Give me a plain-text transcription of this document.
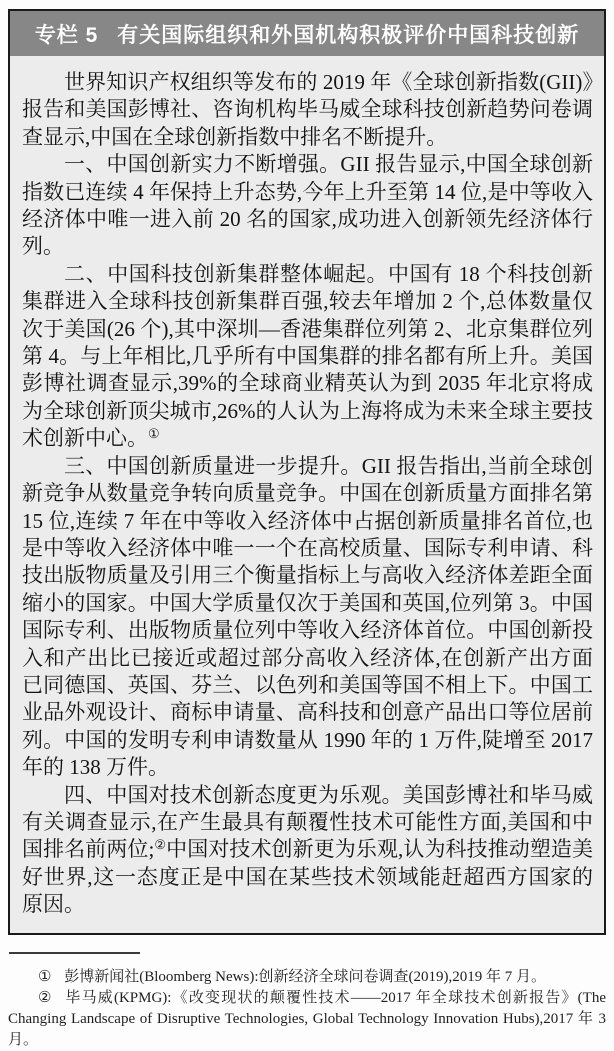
专栏 5 有关国际组织和外国机构积极评价中国科技创新

世界知识产权组织等发布的 2019 年《全球创新指数(GII)》报告和美国彭博社、咨询机构毕马威全球科技创新趋势问卷调查显示,中国在全球创新指数中排名不断提升。

一、中国创新实力不断增强。GII 报告显示,中国全球创新指数已连续 4 年保持上升态势,今年上升至第 14 位,是中等收入经济体中唯一进入前 20 名的国家,成功进入创新领先经济体行列。

二、中国科技创新集群整体崛起。中国有 18 个科技创新集群进入全球科技创新集群百强,较去年增加 2 个,总体数量仅次于美国(26 个),其中深圳—香港集群位列第 2、北京集群位列第 4。与上年相比,几乎所有中国集群的排名都有所上升。美国彭博社调查显示,39%的全球商业精英认为到 2035 年北京将成为全球创新顶尖城市,26%的人认为上海将成为未来全球主要技术创新中心。①

三、中国创新质量进一步提升。GII 报告指出,当前全球创新竞争从数量竞争转向质量竞争。中国在创新质量方面排名第 15 位,连续 7 年在中等收入经济体中占据创新质量排名首位,也是中等收入经济体中唯一一个在高校质量、国际专利申请、科技出版物质量及引用三个衡量指标上与高收入经济体差距全面缩小的国家。中国大学质量仅次于美国和英国,位列第 3。中国国际专利、出版物质量位列中等收入经济体首位。中国创新投入和产出比已接近或超过部分高收入经济体,在创新产出方面已同德国、英国、芬兰、以色列和美国等国不相上下。中国工业品外观设计、商标申请量、高科技和创意产品出口等位居前列。中国的发明专利申请数量从 1990 年的 1 万件,陡增至 2017 年的 138 万件。

四、中国对技术创新态度更为乐观。美国彭博社和毕马威有关调查显示,在产生最具有颠覆性技术可能性方面,美国和中国排名前两位;②中国对技术创新更为乐观,认为科技推动塑造美好世界,这一态度正是中国在某些技术领域能赶超西方国家的原因。

① 彭博新闻社(Bloomberg News):创新经济全球问卷调查(2019),2019 年 7 月。

② 毕马威(KPMG):《改变现状的颠覆性技术——2017 年全球技术创新报告》(The Changing Landscape of Disruptive Technologies, Global Technology Innovation Hubs),2017 年 3 月。
